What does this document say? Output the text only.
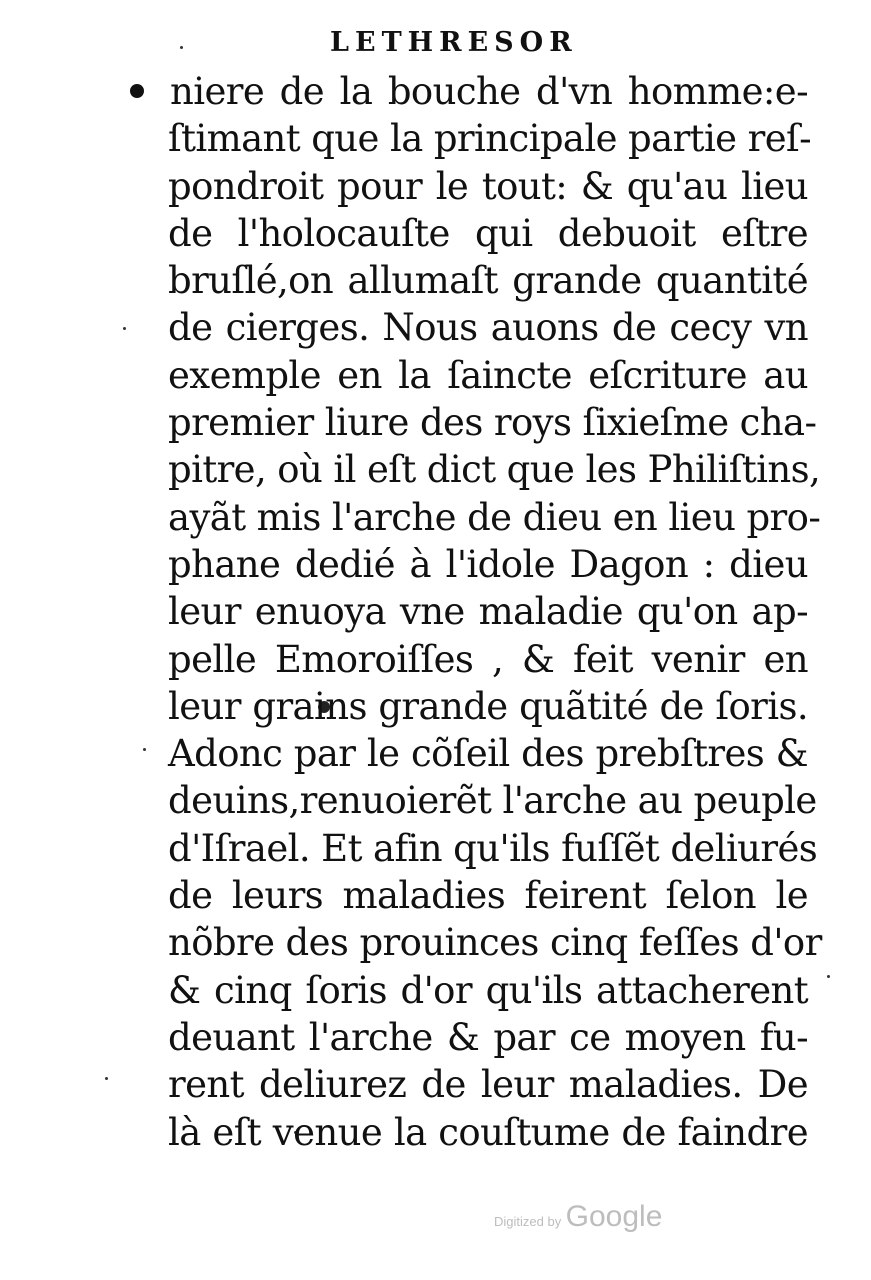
LETHRESOR
niere de la bouche d'vn homme:e-
ſtimant que la principale partie reſ-
pondroit pour le tout: & qu'au lieu
de l'holocauſte qui debuoit eſtre
bruſlé,on allumaſt grande quantité
de cierges. Nous auons de cecy vn
exemple en la ſaincte eſcriture au
premier liure des roys ſixieſme cha-
pitre, où il eſt dict que les Philiſtins,
ayãt mis l'arche de dieu en lieu pro-
phane dedié à l'idole Dagon : dieu
leur enuoya vne maladie qu'on ap-
pelle Emoroiſſes , & feit venir en
leur grains grande quãtité de ſoris.
Adonc par le cõſeil des prebſtres &
deuins,renuoierẽt l'arche au peuple
d'Iſrael. Et afin qu'ils fuſſẽt deliurés
de leurs maladies feirent ſelon le
nõbre des prouinces cinq feſſes d'or
& cinq ſoris d'or qu'ils attacherent
deuant l'arche & par ce moyen fu-
rent deliurez de leur maladies. De
là eſt venue la couſtume de faindre
Digitized by Google
